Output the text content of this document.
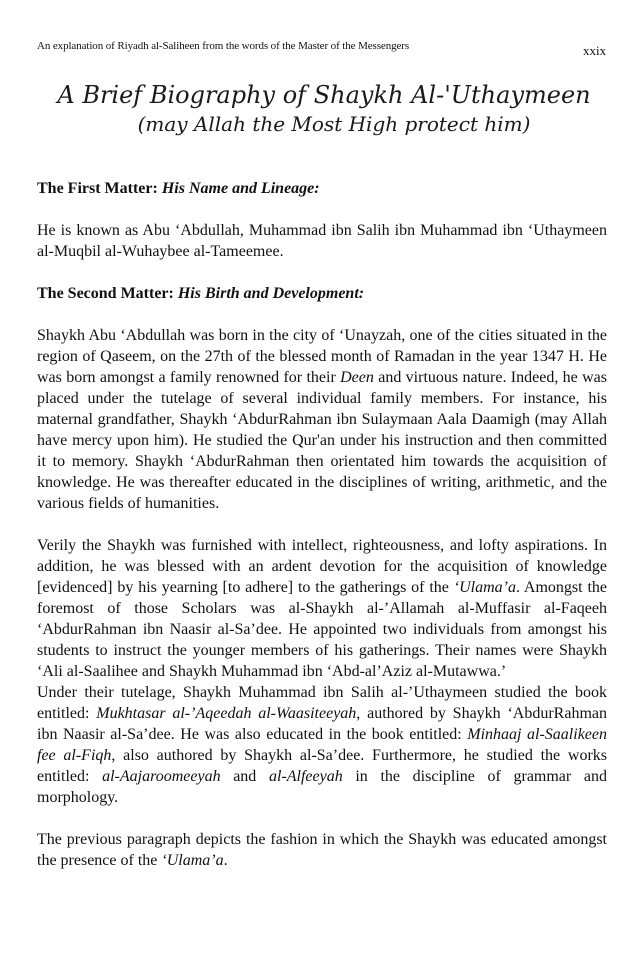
An explanation of Riyadh al-Saliheen from the words of the Master of the Messengers	xxix
A Brief Biography of Shaykh Al-'Uthaymeen
(may Allah the Most High protect him)
The First Matter: His Name and Lineage:

He is known as Abu ‘Abdullah, Muhammad ibn Salih ibn Muhammad ibn ‘Uthaymeen al-Muqbil al-Wuhaybee al-Tameemee.

The Second Matter: His Birth and Development:

Shaykh Abu ‘Abdullah was born in the city of ‘Unayzah, one of the cities situated in the region of Qaseem, on the 27th of the blessed month of Ramadan in the year 1347 H. He was born amongst a family renowned for their Deen and virtuous nature. Indeed, he was placed under the tutelage of several individual family members. For instance, his maternal grandfather, Shaykh ‘AbdurRahman ibn Sulaymaan Aala Daamigh (may Allah have mercy upon him). He studied the Qur'an under his instruction and then committed it to memory. Shaykh ‘AbdurRahman then orientated him towards the acquisition of knowledge. He was thereafter educated in the disciplines of writing, arithmetic, and the various fields of humanities.

Verily the Shaykh was furnished with intellect, righteousness, and lofty aspirations. In addition, he was blessed with an ardent devotion for the acquisition of knowledge [evidenced] by his yearning [to adhere] to the gatherings of the ‘Ulama’a. Amongst the foremost of those Scholars was al-Shaykh al-’Allamah al-Muffasir al-Faqeeh ‘AbdurRahman ibn Naasir al-Sa’dee. He appointed two individuals from amongst his students to instruct the younger members of his gatherings. Their names were Shaykh ‘Ali al-Saalihee and Shaykh Muhammad ibn ‘Abd-al’Aziz al-Mutawwa.’

Under their tutelage, Shaykh Muhammad ibn Salih al-’Uthaymeen studied the book entitled: Mukhtasar al-’Aqeedah al-Waasiteeyah, authored by Shaykh ‘AbdurRahman ibn Naasir al-Sa’dee. He was also educated in the book entitled: Minhaaj al-Saalikeen fee al-Fiqh, also authored by Shaykh al-Sa’dee. Furthermore, he studied the works entitled: al-Aajaroomeeyah and al-Alfeeyah in the discipline of grammar and morphology.

The previous paragraph depicts the fashion in which the Shaykh was educated amongst the presence of the ‘Ulama’a.
